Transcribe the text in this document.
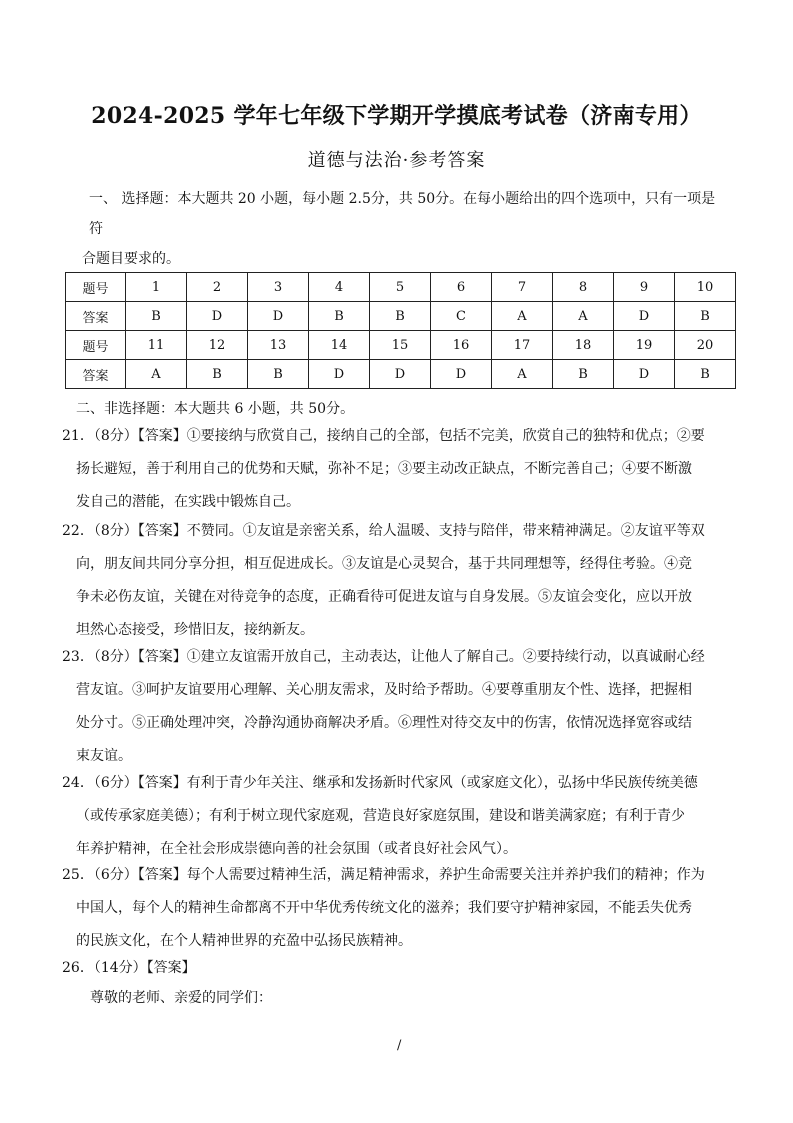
2024-2025 学年七年级下学期开学摸底考试卷（济南专用）
道德与法治·参考答案
一、 选择题：本大题共 20 小题，每小题 2.5分，共 50分。在每小题给出的四个选项中，只有一项是符
合题目要求的。
题号	1	2	3	4	5	6	7	8	9	10
答案	B	D	D	B	B	C	A	A	D	B
题号	11	12	13	14	15	16	17	18	19	20
答案	A	B	B	D	D	D	A	B	D	B
二、非选择题：本大题共 6 小题，共 50分。
21．（8分）【答案】①要接纳与欣赏自己，接纳自己的全部，包括不完美，欣赏自己的独特和优点；②要
扬长避短，善于利用自己的优势和天赋，弥补不足；③要主动改正缺点，不断完善自己；④要不断激
发自己的潜能，在实践中锻炼自己。
22．（8分）【答案】不赞同。①友谊是亲密关系，给人温暖、支持与陪伴，带来精神满足。②友谊平等双
向，朋友间共同分享分担，相互促进成长。③友谊是心灵契合，基于共同理想等，经得住考验。④竞
争未必伤友谊，关键在对待竞争的态度，正确看待可促进友谊与自身发展。⑤友谊会变化，应以开放
坦然心态接受，珍惜旧友，接纳新友。
23．（8分）【答案】①建立友谊需开放自己，主动表达，让他人了解自己。②要持续行动，以真诚耐心经
营友谊。③呵护友谊要用心理解、关心朋友需求，及时给予帮助。④要尊重朋友个性、选择，把握相
处分寸。⑤正确处理冲突，冷静沟通协商解决矛盾。⑥理性对待交友中的伤害，依情况选择宽容或结
束友谊。
24．（6分）【答案】有利于青少年关注、继承和发扬新时代家风（或家庭文化），弘扬中华民族传统美德
（或传承家庭美德）；有利于树立现代家庭观，营造良好家庭氛围，建设和谐美满家庭；有利于青少
年养护精神，在全社会形成崇德向善的社会氛围（或者良好社会风气）。
25．（6分）【答案】每个人需要过精神生活，满足精神需求，养护生命需要关注并养护我们的精神；作为
中国人，每个人的精神生命都离不开中华优秀传统文化的滋养；我们要守护精神家园，不能丢失优秀
的民族文化，在个人精神世界的充盈中弘扬民族精神。
26．（14分）【答案】
尊敬的老师、亲爱的同学们：
/
